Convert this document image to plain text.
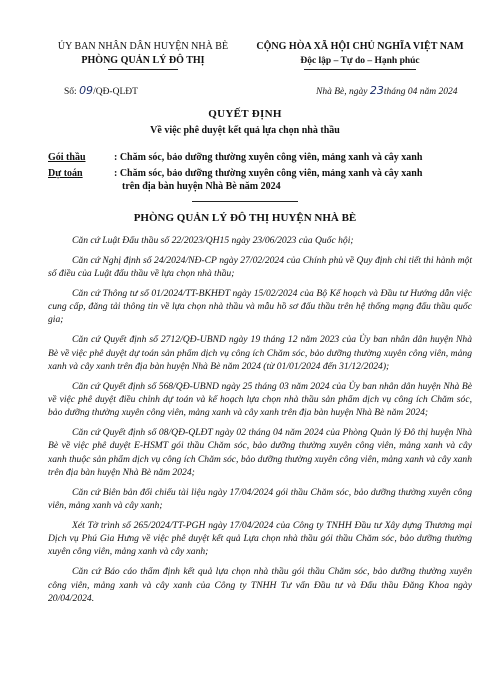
ỦY BAN NHÂN DÂN HUYỆN NHÀ BÈ
PHÒNG QUẢN LÝ ĐÔ THỊ
CỘNG HÒA XÃ HỘI CHỦ NGHĨA VIỆT NAM
Độc lập – Tự do – Hạnh phúc
Số: 09/QĐ-QLĐT	Nhà Bè, ngày 23tháng 04 năm 2024
QUYẾT ĐỊNH
Về việc phê duyệt kết quả lựa chọn nhà thầu
Gói thầu	: Chăm sóc, bảo dưỡng thường xuyên công viên, mảng xanh và cây xanh
Dự toán	: Chăm sóc, bảo dưỡng thường xuyên công viên, mảng xanh và cây xanh
trên địa bàn huyện Nhà Bè năm 2024
PHÒNG QUẢN LÝ ĐÔ THỊ HUYỆN NHÀ BÈ

Căn cứ Luật Đấu thầu số 22/2023/QH15 ngày 23/06/2023 của Quốc hội;

Căn cứ Nghị định số 24/2024/NĐ-CP ngày 27/02/2024 của Chính phủ về Quy định chi tiết thi hành một số điều của Luật đấu thầu về lựa chọn nhà thầu;

Căn cứ Thông tư số 01/2024/TT-BKHĐT ngày 15/02/2024 của Bộ Kế hoạch và Đầu tư Hướng dẫn việc cung cấp, đăng tải thông tin về lựa chọn nhà thầu và mẫu hồ sơ đấu thầu trên hệ thống mạng đấu thầu quốc gia;

Căn cứ Quyết định số 2712/QĐ-UBND ngày 19 tháng 12 năm 2023 của Ủy ban nhân dân huyện Nhà Bè về việc phê duyệt dự toán sản phẩm dịch vụ công ích Chăm sóc, bảo dưỡng thường xuyên công viên, mảng xanh và cây xanh trên địa bàn huyện Nhà Bè năm 2024 (từ 01/01/2024 đến 31/12/2024);

Căn cứ Quyết định số 568/QĐ-UBND ngày 25 tháng 03 năm 2024 của Ủy ban nhân dân huyện Nhà Bè về việc phê duyệt điều chỉnh dự toán và kế hoạch lựa chọn nhà thầu sản phẩm dịch vụ công ích Chăm sóc, bảo dưỡng thường xuyên công viên, mảng xanh và cây xanh trên địa bàn huyện Nhà Bè năm 2024;

Căn cứ Quyết định số 08/QĐ-QLĐT ngày 02 tháng 04 năm 2024 của Phòng Quản lý Đô thị huyện Nhà Bè về việc phê duyệt E-HSMT gói thầu Chăm sóc, bảo dưỡng thường xuyên công viên, mảng xanh và cây xanh thuộc sản phẩm dịch vụ công ích Chăm sóc, bảo dưỡng thường xuyên công viên, mảng xanh và cây xanh trên địa bàn huyện Nhà Bè năm 2024;

Căn cứ Biên bản đối chiếu tài liệu ngày 17/04/2024 gói thầu Chăm sóc, bảo dưỡng thường xuyên công viên, mảng xanh và cây xanh;

Xét Tờ trình số 265/2024/TT-PGH ngày 17/04/2024 của Công ty TNHH Đầu tư Xây dựng Thương mại Dịch vụ Phú Gia Hưng về việc phê duyệt kết quả Lựa chọn nhà thầu gói thầu Chăm sóc, bảo dưỡng thường xuyên công viên, mảng xanh và cây xanh;

Căn cứ Báo cáo thẩm định kết quả lựa chọn nhà thầu gói thầu Chăm sóc, bảo dưỡng thường xuyên công viên, mảng xanh và cây xanh của Công ty TNHH Tư vấn Đầu tư và Đấu thầu Đăng Khoa ngày 20/04/2024.
